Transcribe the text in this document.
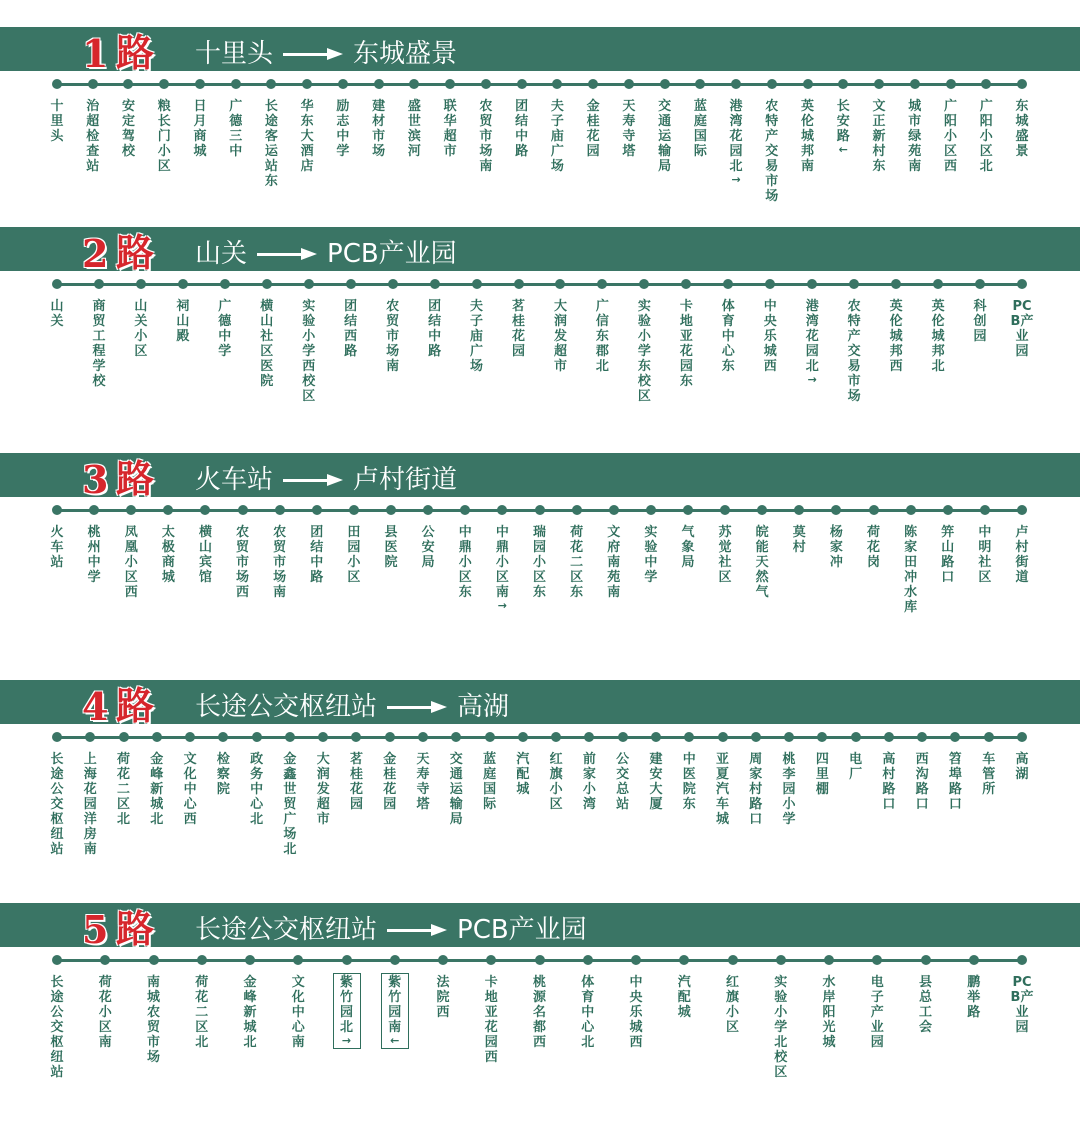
1 路 十里头	东城盛景
十里头
治超检查站
安定驾校
粮长门小区
日月商城
广德三中
长途客运站东
华东大酒店
励志中学
建材市场
盛世滨河
联华超市
农贸市场南
团结中路
夫子庙广场
金桂花园
天寿寺塔
交通运输局
蓝庭国际
港湾花园北
→
农特产交易市场
英伦城邦南
长安路
←
文正新村东
城市绿苑南
广阳小区西
广阳小区北
东城盛景
2 路 山关	PCB产业园
山关
商贸工程学校
山关小区
祠山殿
广德中学
横山社区医院
实验小学西校区
团结西路
农贸市场南
团结中路
夫子庙广场
茗桂花园
大润发超市
广信东郡北
实验小学东校区
卡地亚花园东
体育中心东
中央乐城西
港湾花园北
→
农特产交易市场
英伦城邦西
英伦城邦北
科创园
PCB产业园
3 路 火车站	卢村街道
火车站
桃州中学
凤凰小区西
太极商城
横山宾馆
农贸市场西
农贸市场南
团结中路
田园小区
县医院
公安局
中鼎小区东
中鼎小区南
→
瑞园小区东
荷花二区东
文府南苑南
实验中学
气象局
苏觉社区
皖能天然气
莫村
杨家冲
荷花岗
陈家田冲水库
笄山路口
中明社区
卢村街道
4 路 长途公交枢纽站	高湖
长途公交枢纽站
上海花园洋房南
荷花二区北
金峰新城北
文化中心西
检察院
政务中心北
金鑫世贸广场北
大润发超市
茗桂花园
金桂花园
天寿寺塔
交通运输局
蓝庭国际
汽配城
红旗小区
前家小湾
公交总站
建安大厦
中医院东
亚夏汽车城
周家村路口
桃李园小学
四里棚
电厂
高村路口
西沟路口
笤埠路口
车管所
高湖
5 路 长途公交枢纽站	PCB产业园
长途公交枢纽站
荷花小区南
南城农贸市场
荷花二区北
金峰新城北
文化中心南
紫竹园北
→
紫竹园南
←
法院西
卡地亚花园西
桃源名都西
体育中心北
中央乐城西
汽配城
红旗小区
实验小学北校区
水岸阳光城
电子产业园
县总工会
鹏举路
PCB产业园
